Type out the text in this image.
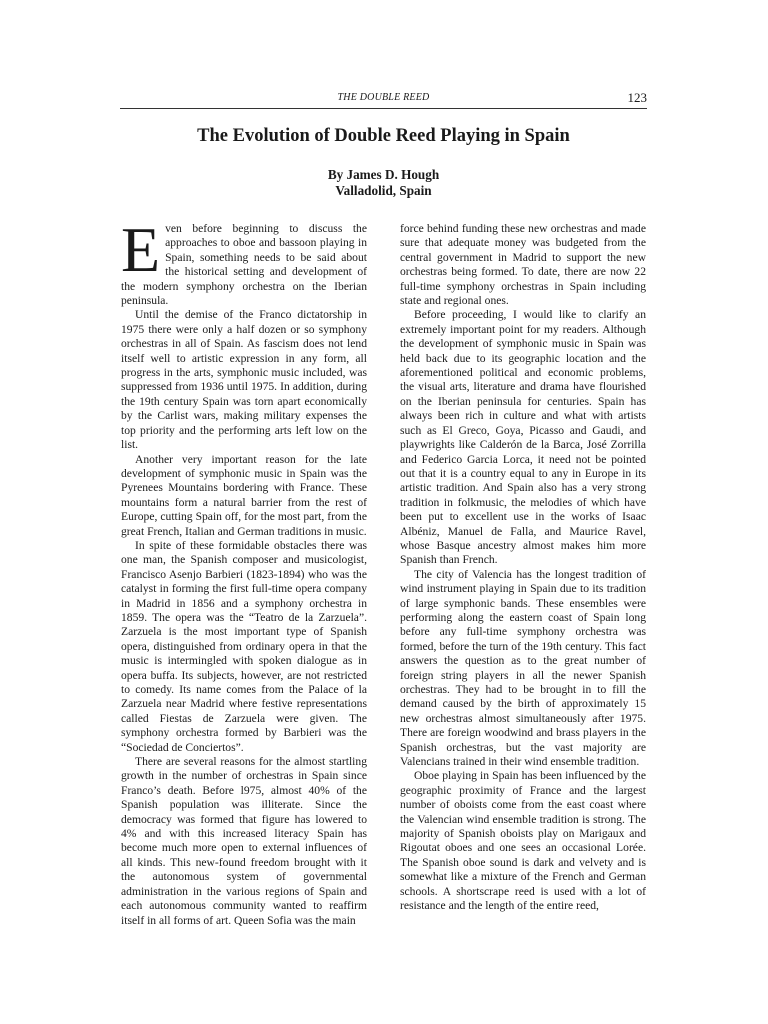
THE DOUBLE REED	123
The Evolution of Double Reed Playing in Spain
By James D. Hough
Valladolid, Spain

Even before beginning to discuss the approaches to oboe and bassoon playing in Spain, something needs to be said about the historical setting and development of the modern symphony orchestra on the Iberian peninsula.

Until the demise of the Franco dictatorship in 1975 there were only a half dozen or so symphony orchestras in all of Spain. As fascism does not lend itself well to artistic expression in any form, all progress in the arts, symphonic music included, was suppressed from 1936 until 1975. In addition, during the 19th century Spain was torn apart economically by the Carlist wars, making military expenses the top priority and the performing arts left low on the list.

Another very important reason for the late development of symphonic music in Spain was the Pyrenees Mountains bordering with France. These mountains form a natural barrier from the rest of Europe, cutting Spain off, for the most part, from the great French, Italian and German traditions in music.

In spite of these formidable obstacles there was one man, the Spanish composer and musicologist, Francisco Asenjo Barbieri (1823-1894) who was the catalyst in forming the first full-time opera company in Madrid in 1856 and a symphony orchestra in 1859. The opera was the “Teatro de la Zarzuela”. Zarzuela is the most important type of Spanish opera, distinguished from ordinary opera in that the music is intermingled with spoken dialogue as in opera buffa. Its subjects, however, are not restricted to comedy. Its name comes from the Palace of la Zarzuela near Madrid where festive representations called Fiestas de Zarzuela were given. The symphony orchestra formed by Barbieri was the “Sociedad de Conciertos”.

There are several reasons for the almost startling growth in the number of orchestras in Spain since Franco’s death. Before l975, almost 40% of the Spanish population was illiterate. Since the democracy was formed that figure has lowered to 4% and with this increased literacy Spain has become much more open to external influences of all kinds. This new-found freedom brought with it the autonomous system of governmental administration in the various regions of Spain and each autonomous community wanted to reaffirm itself in all forms of art. Queen Sofia was the main

force behind funding these new orchestras and made sure that adequate money was budgeted from the central government in Madrid to support the new orchestras being formed. To date, there are now 22 full-time symphony orchestras in Spain including state and regional ones.

Before proceeding, I would like to clarify an extremely important point for my readers. Although the development of symphonic music in Spain was held back due to its geographic location and the aforementioned political and economic problems, the visual arts, literature and drama have flourished on the Iberian peninsula for centuries. Spain has always been rich in culture and what with artists such as El Greco, Goya, Picasso and Gaudi, and playwrights like Calderón de la Barca, José Zorrilla and Federico Garcia Lorca, it need not be pointed out that it is a country equal to any in Europe in its artistic tradition. And Spain also has a very strong tradition in folkmusic, the melodies of which have been put to excellent use in the works of Isaac Albéniz, Manuel de Falla, and Maurice Ravel, whose Basque ancestry almost makes him more Spanish than French.

The city of Valencia has the longest tradition of wind instrument playing in Spain due to its tradition of large symphonic bands. These ensembles were performing along the eastern coast of Spain long before any full-time symphony orchestra was formed, before the turn of the 19th century. This fact answers the question as to the great number of foreign string players in all the newer Spanish orchestras. They had to be brought in to fill the demand caused by the birth of approximately 15 new orchestras almost simultaneously after 1975. There are foreign woodwind and brass players in the Spanish orchestras, but the vast majority are Valencians trained in their wind ensemble tradition.

Oboe playing in Spain has been influenced by the geographic proximity of France and the largest number of oboists come from the east coast where the Valencian wind ensemble tradition is strong. The majority of Spanish oboists play on Marigaux and Rigoutat oboes and one sees an occasional Lorée. The Spanish oboe sound is dark and velvety and is somewhat like a mixture of the French and German schools. A shortscrape reed is used with a lot of resistance and the length of the entire reed,
